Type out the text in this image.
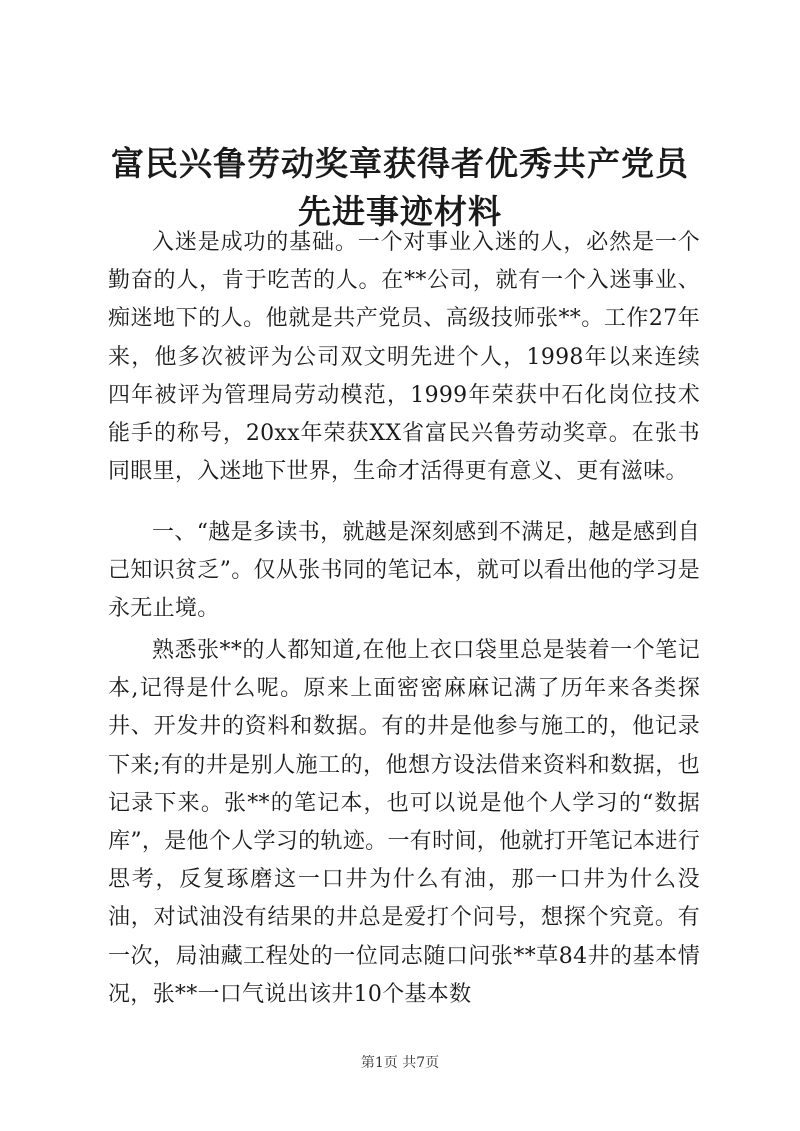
富民兴鲁劳动奖章获得者优秀共产党员先进事迹材料

入迷是成功的基础。一个对事业入迷的人，必然是一个勤奋的人，肯于吃苦的人。在**公司，就有一个入迷事业、痴迷地下的人。他就是共产党员、高级技师张**。工作27年来，他多次被评为公司双文明先进个人，1998年以来连续四年被评为管理局劳动模范，1999年荣获中石化岗位技术能手的称号，20xx年荣获XX省富民兴鲁劳动奖章。在张书同眼里，入迷地下世界，生命才活得更有意义、更有滋味。

一、“越是多读书，就越是深刻感到不满足，越是感到自己知识贫乏”。仅从张书同的笔记本，就可以看出他的学习是永无止境。

熟悉张**的人都知道,在他上衣口袋里总是装着一个笔记本,记得是什么呢。原来上面密密麻麻记满了历年来各类探井、开发井的资料和数据。有的井是他参与施工的，他记录下来;有的井是别人施工的，他想方设法借来资料和数据，也记录下来。张**的笔记本，也可以说是他个人学习的“数据库”，是他个人学习的轨迹。一有时间，他就打开笔记本进行思考，反复琢磨这一口井为什么有油，那一口井为什么没油，对试油没有结果的井总是爱打个问号，想探个究竟。有一次，局油藏工程处的一位同志随口问张**草84井的基本情况，张**一口气说出该井10个基本数

第1页 共7页
